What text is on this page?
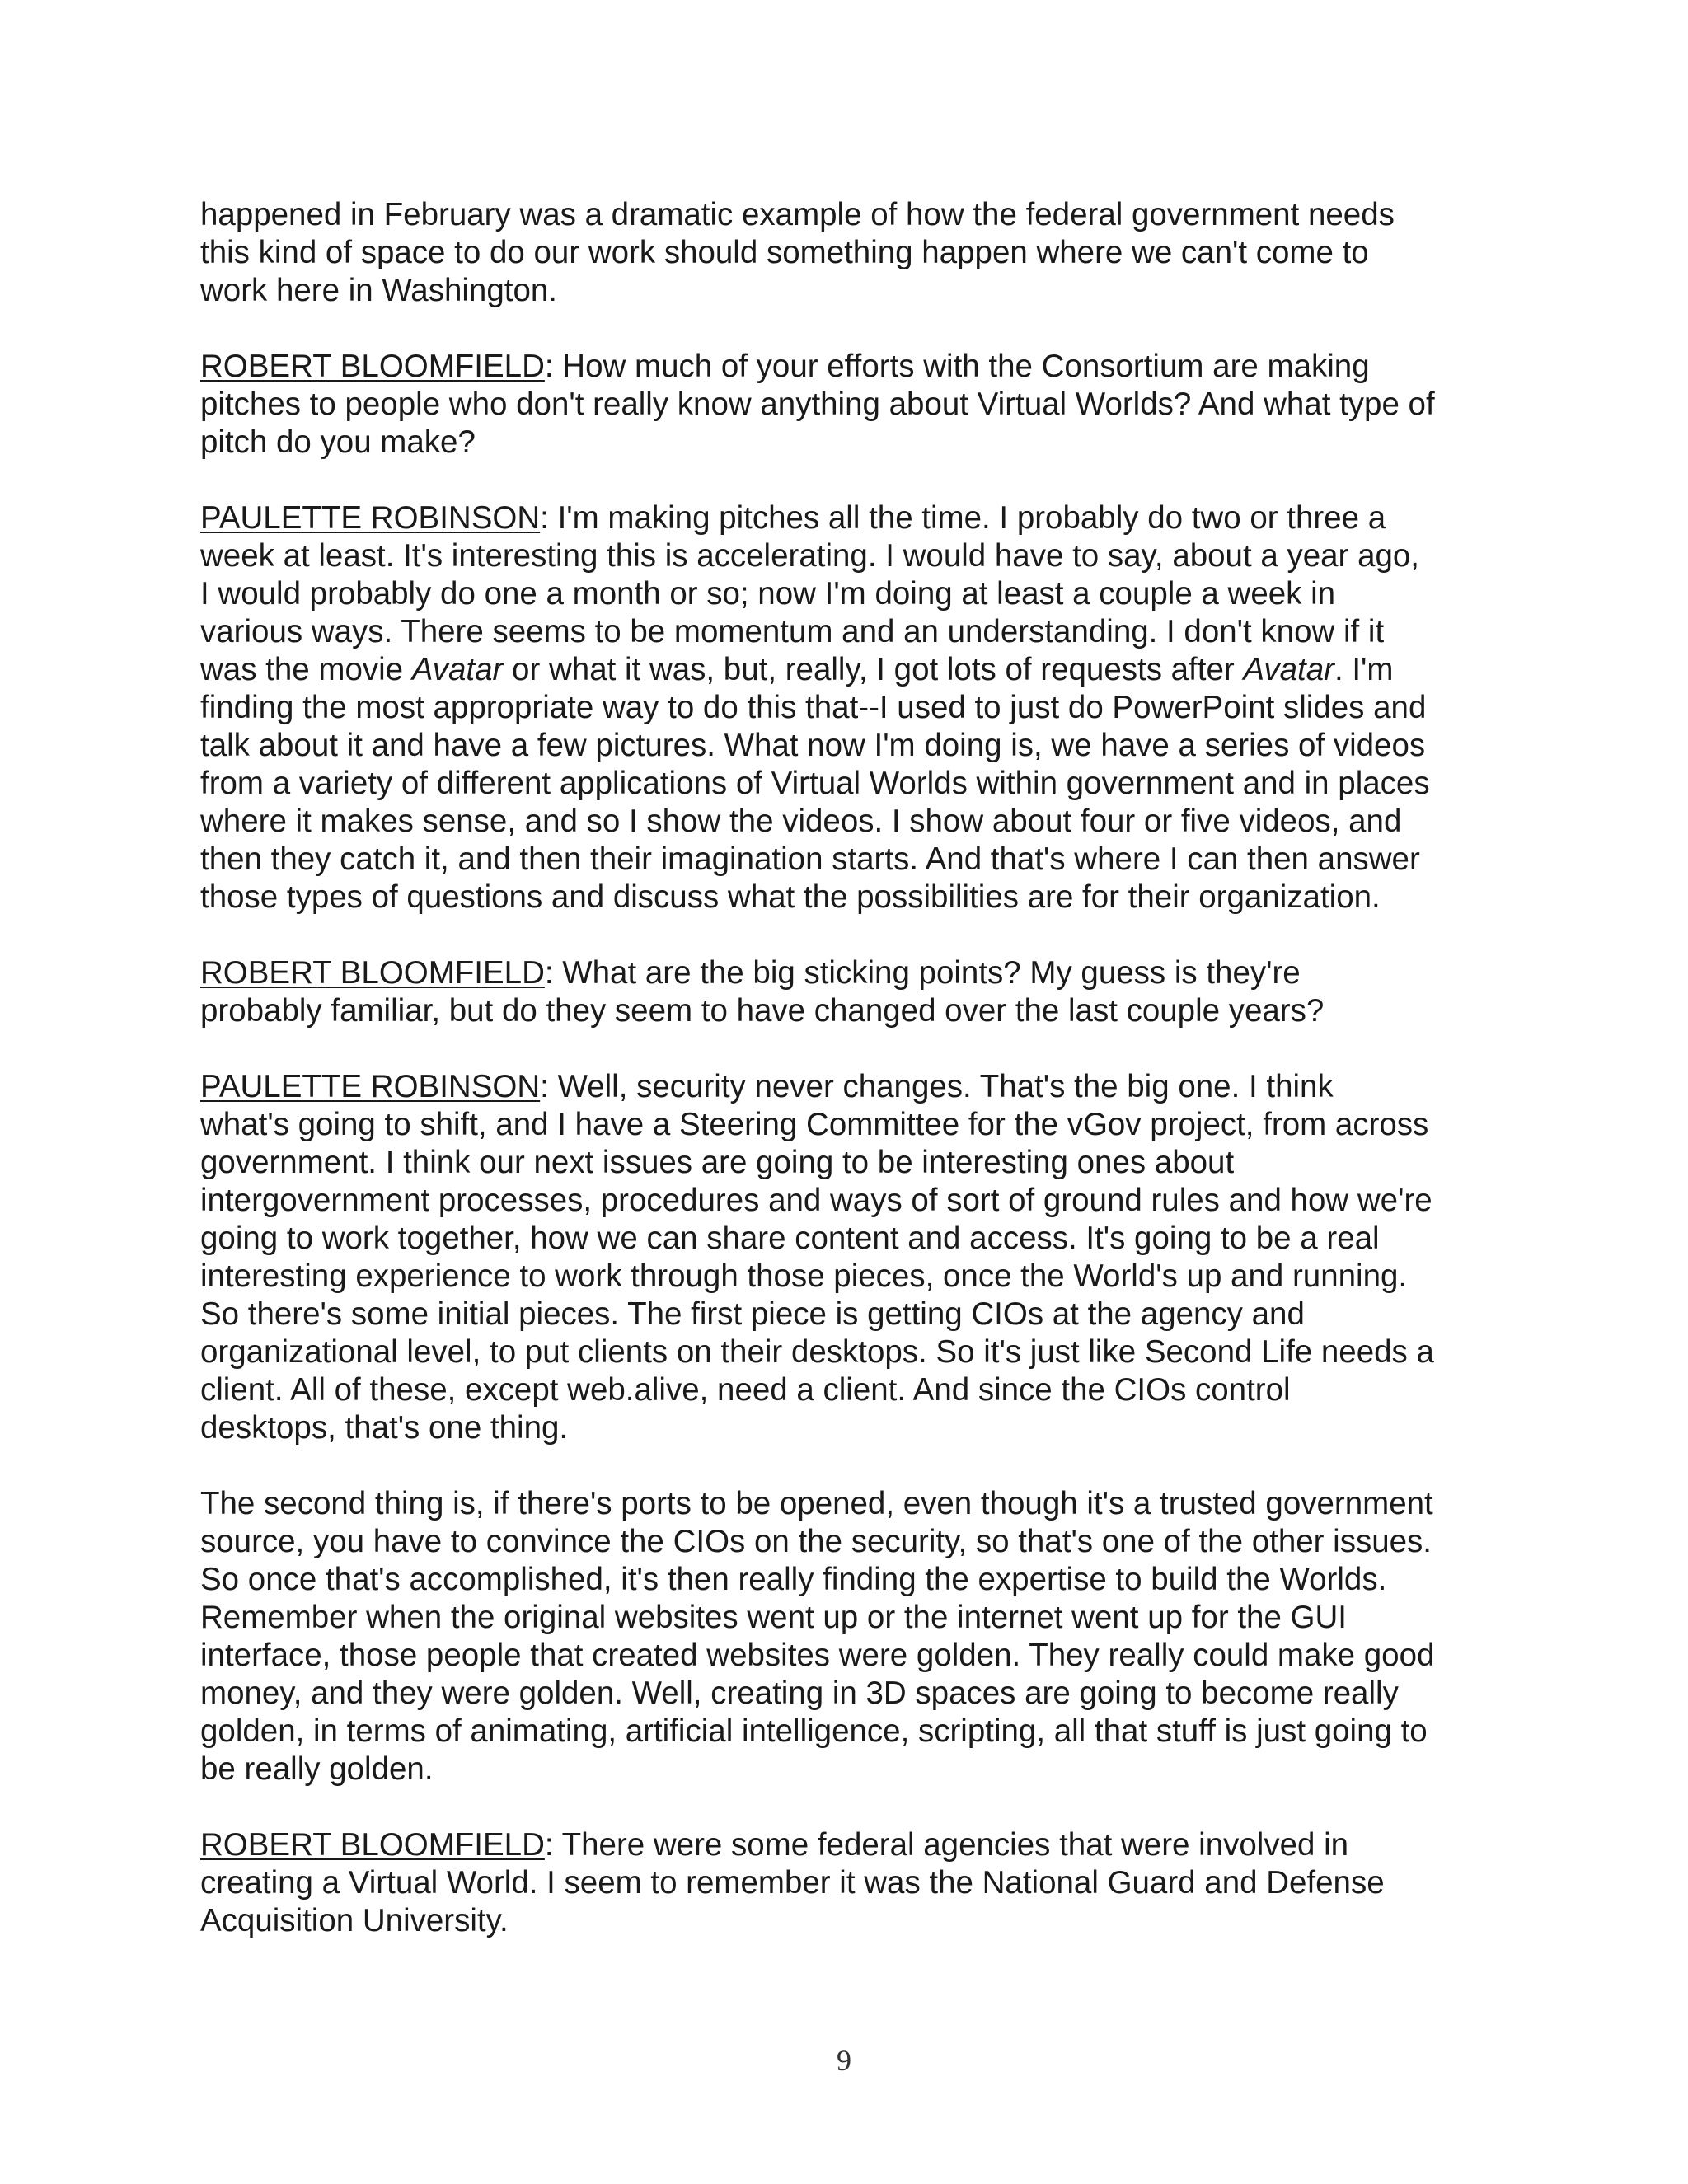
happened in February was a dramatic example of how the federal government needs
this kind of space to do our work should something happen where we can't come to
work here in Washington.
ROBERT BLOOMFIELD: How much of your efforts with the Consortium are making
pitches to people who don't really know anything about Virtual Worlds? And what type of
pitch do you make?
PAULETTE ROBINSON: I'm making pitches all the time. I probably do two or three a
week at least. It's interesting this is accelerating. I would have to say, about a year ago,
I would probably do one a month or so; now I'm doing at least a couple a week in
various ways. There seems to be momentum and an understanding. I don't know if it
was the movie Avatar or what it was, but, really, I got lots of requests after Avatar. I'm
finding the most appropriate way to do this that--I used to just do PowerPoint slides and
talk about it and have a few pictures. What now I'm doing is, we have a series of videos
from a variety of different applications of Virtual Worlds within government and in places
where it makes sense, and so I show the videos. I show about four or five videos, and
then they catch it, and then their imagination starts. And that's where I can then answer
those types of questions and discuss what the possibilities are for their organization.
ROBERT BLOOMFIELD: What are the big sticking points? My guess is they're
probably familiar, but do they seem to have changed over the last couple years?
PAULETTE ROBINSON: Well, security never changes. That's the big one. I think
what's going to shift, and I have a Steering Committee for the vGov project, from across
government. I think our next issues are going to be interesting ones about
intergovernment processes, procedures and ways of sort of ground rules and how we're
going to work together, how we can share content and access. It's going to be a real
interesting experience to work through those pieces, once the World's up and running.
So there's some initial pieces. The first piece is getting CIOs at the agency and
organizational level, to put clients on their desktops. So it's just like Second Life needs a
client. All of these, except web.alive, need a client. And since the CIOs control
desktops, that's one thing.
The second thing is, if there's ports to be opened, even though it's a trusted government
source, you have to convince the CIOs on the security, so that's one of the other issues.
So once that's accomplished, it's then really finding the expertise to build the Worlds.
Remember when the original websites went up or the internet went up for the GUI
interface, those people that created websites were golden. They really could make good
money, and they were golden. Well, creating in 3D spaces are going to become really
golden, in terms of animating, artificial intelligence, scripting, all that stuff is just going to
be really golden.
ROBERT BLOOMFIELD: There were some federal agencies that were involved in
creating a Virtual World. I seem to remember it was the National Guard and Defense
Acquisition University.
9
